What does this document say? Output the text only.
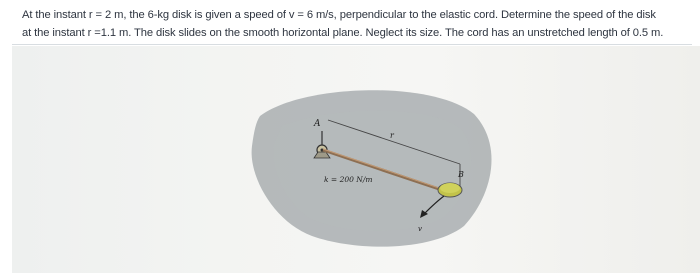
At the instant r = 2 m, the 6-kg disk is given a speed of v = 6 m/s, perpendicular to the elastic cord. Determine the speed of the disk
at the instant r =1.1 m. The disk slides on the smooth horizontal plane. Neglect its size. The cord has an unstretched length of 0.5 m.
A
r
B
k = 200 N/m
v
